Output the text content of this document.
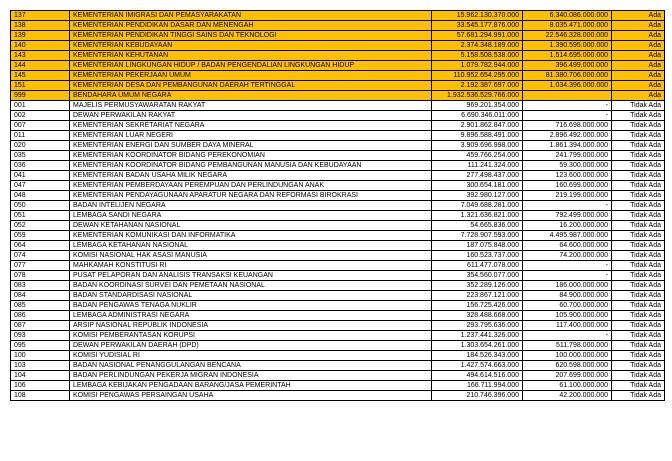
137	KEMENTERIAN IMIGRASI DAN PEMASYARAKATAN	15.962.130.370.000	6.340.086.000.000	Ada
138	KEMENTERIAN PENDIDIKAN DASAR DAN MENENGAH	33.545.177.876.000	8.035.471.000.000	Ada
139	KEMENTERIAN PENDIDIKAN TINGGI SAINS DAN TEKNOLOGI	57.681.294.991.000	22.546.328.000.000	Ada
140	KEMENTERIAN KEBUDAYAAN	2.374.348.189.000	1.390.595.000.000	Ada
143	KEMENTERIAN KEHUTANAN	5.158.508.538.000	1.514.695.000.000	Ada
144	KEMENTERIAN LINGKUNGAN HIDUP / BADAN PENGENDALIAN LINGKUNGAN HIDUP	1.079.782.944.000	396.499.000.000	Ada
145	KEMENTERIAN PEKERJAAN UMUM	110.952.654.295.000	81.380.706.000.000	Ada
151	KEMENTERIAN DESA DAN PEMBANGUNAN DAERAH TERTINGGAL	2.192.387.697.000	1.034.396.000.000	Ada
999	BENDAHARA UMUM NEGARA	1.932.536.529.766.000		Ada
001	MAJELIS PERMUSYAWARATAN RAKYAT	969.201.354.000	-	Tidak Ada
002	DEWAN PERWAKILAN RAKYAT	6.690.346.011.000	-	Tidak Ada
007	KEMENTERIAN SEKRETARIAT NEGARA	2.901.862.847.000	716.698.000.000	Tidak Ada
011	KEMENTERIAN LUAR NEGERI	9.896.588.491.000	2.896.492.000.000	Tidak Ada
020	KEMENTERIAN ENERGI DAN SUMBER DAYA MINERAL	3.909.696.998.000	1.861.394.000.000	Tidak Ada
035	KEMENTERIAN KOORDINATOR BIDANG PEREKONOMIAN	459.766.254.000	241.799.000.000	Tidak Ada
036	KEMENTERIAN KOORDINATOR BIDANG PEMBANGUNAN MANUSIA DAN KEBUDAYAAN	111.241.324.000	59.300.000.000	Tidak Ada
041	KEMENTERIAN BADAN USAHA MILIK NEGARA	277.498.437.000	123.600.000.000	Tidak Ada
047	KEMENTERIAN PEMBERDAYAAN PEREMPUAN DAN PERLINDUNGAN ANAK	300.654.181.000	160.699.000.000	Tidak Ada
048	KEMENTERIAN PENDAYAGUNAAN APARATUR NEGARA DAN REFORMASI BIROKRASI	392.980.127.000	219.199.000.000	Tidak Ada
050	BADAN INTELIJEN NEGARA	7.049.688.281.000	-	Tidak Ada
051	LEMBAGA SANDI NEGARA	1.321.636.821.000	792.499.000.000	Tidak Ada
052	DEWAN KETAHANAN NASIONAL	54.665.836.000	16.200.000.000	Tidak Ada
059	KEMENTERIAN KOMUNIKASI DAN INFORMATIKA	7.728.907.593.000	4.495.987.000.000	Tidak Ada
064	LEMBAGA KETAHANAN NASIONAL	187.075.848.000	64.600.000.000	Tidak Ada
074	KOMISI NASIONAL HAK ASASI MANUSIA	160.523.737.000	74.200.000.000	Tidak Ada
077	MAHKAMAH KONSTITUSI RI	611.477.078.000	-	Tidak Ada
078	PUSAT PELAPORAN DAN ANALISIS TRANSAKSI KEUANGAN	354.560.077.000	-	Tidak Ada
083	BADAN KOORDINASI SURVEI DAN PEMETAAN NASIONAL	352.289.126.000	186.000.000.000	Tidak Ada
084	BADAN STANDARDISASI NASIONAL	223.867.121.000	84.900.000.000	Tidak Ada
085	BADAN PENGAWAS TENAGA NUKLIR	156.725.426.000	60.700.000.000	Tidak Ada
086	LEMBAGA ADMINISTRASI NEGARA	328.488.668.000	105.900.000.000	Tidak Ada
087	ARSIP NASIONAL REPUBLIK INDONESIA	293.795.636.000	117.400.000.000	Tidak Ada
093	KOMISI PEMBERANTASAN KORUPSI	1.237.441.326.000	-	Tidak Ada
095	DEWAN PERWAKILAN DAERAH (DPD)	1.303.654.261.000	511.798.000.000	Tidak Ada
100	KOMISI YUDISIAL RI	184.526.343.000	100.000.000.000	Tidak Ada
103	BADAN NASIONAL PENANGGULANGAN BENCANA	1.427.574.663.000	620.598.000.000	Tidak Ada
104	BADAN PERLINDUNGAN PEKERJA MIGRAN INDONESIA	494.614.516.000	207.699.000.000	Tidak Ada
106	LEMBAGA KEBIJAKAN PENGADAAN BARANG/JASA PEMERINTAH	166.711.994.000	61.100.000.000	Tidak Ada
108	KOMISI PENGAWAS PERSAINGAN USAHA	210.746.396.000	42.200.000.000	Tidak Ada
